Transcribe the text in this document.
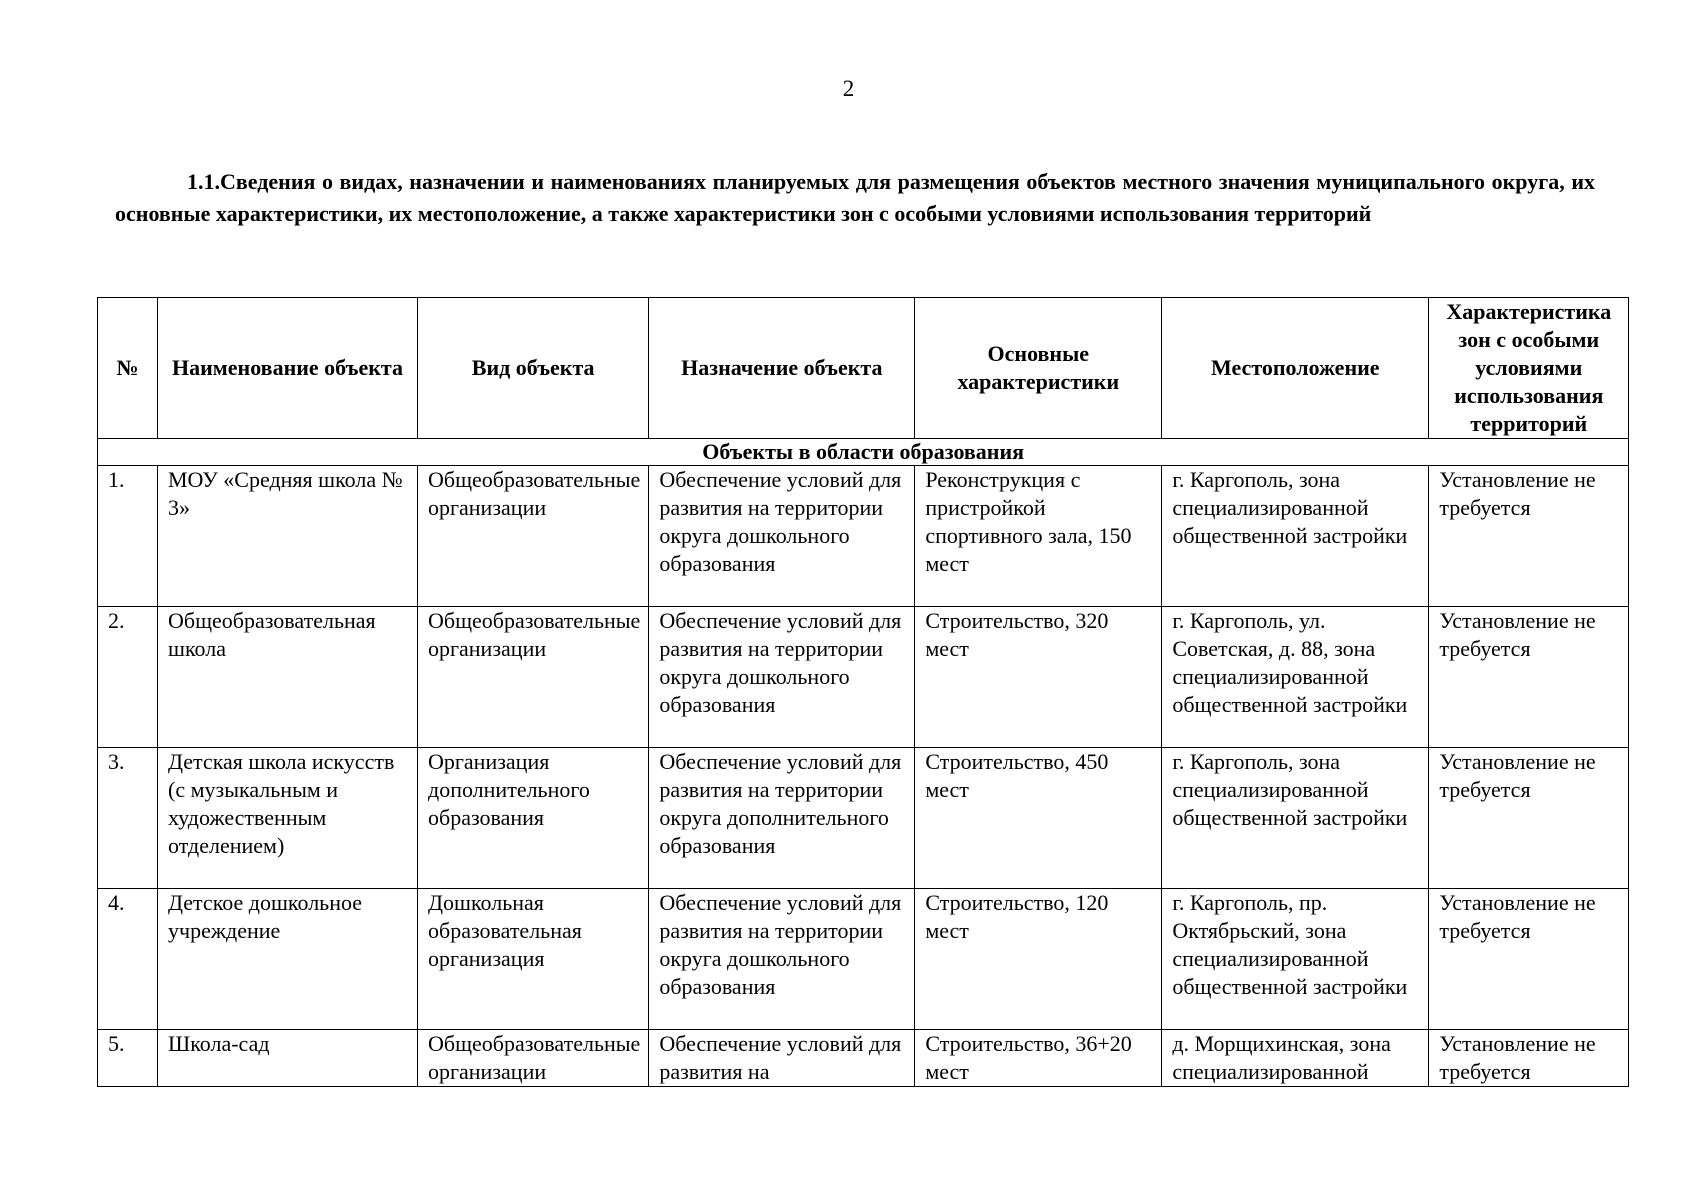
2
1.1.Сведения о видах, назначении и наименованиях планируемых для размещения объектов местного значения муниципального округа, их основные характеристики, их местоположение, а также характеристики зон с особыми условиями использования территорий
№	Наименование объекта	Вид объекта	Назначение объекта	Основные характеристики	Местоположение	Характеристика зон с особыми условиями использования территорий
Объекты в области образования						
1.	МОУ «Средняя школа № 3»	Общеобразовательные организации	Обеспечение условий для развития на территории округа дошкольного образования	Реконструкция с пристройкой спортивного зала, 150 мест	г. Каргополь, зона специализированной общественной застройки	Установление не требуется
2.	Общеобразовательная школа	Общеобразовательные организации	Обеспечение условий для развития на территории округа дошкольного образования	Строительство, 320 мест	г. Каргополь, ул. Советская, д. 88, зона специализированной общественной застройки	Установление не требуется
3.	Детская школа искусств (с музыкальным и художественным отделением)	Организация дополнительного образования	Обеспечение условий для развития на территории округа дополнительного образования	Строительство, 450 мест	г. Каргополь, зона специализированной общественной застройки	Установление не требуется
4.	Детское дошкольное учреждение	Дошкольная образовательная организация	Обеспечение условий для развития на территории округа дошкольного образования	Строительство, 120 мест	г. Каргополь, пр. Октябрьский, зона специализированной общественной застройки	Установление не требуется
5.	Школа-сад	Общеобразовательные организации	Обеспечение условий для развития на	Строительство, 36+20 мест	д. Морщихинская, зона специализированной	Установление не требуется
